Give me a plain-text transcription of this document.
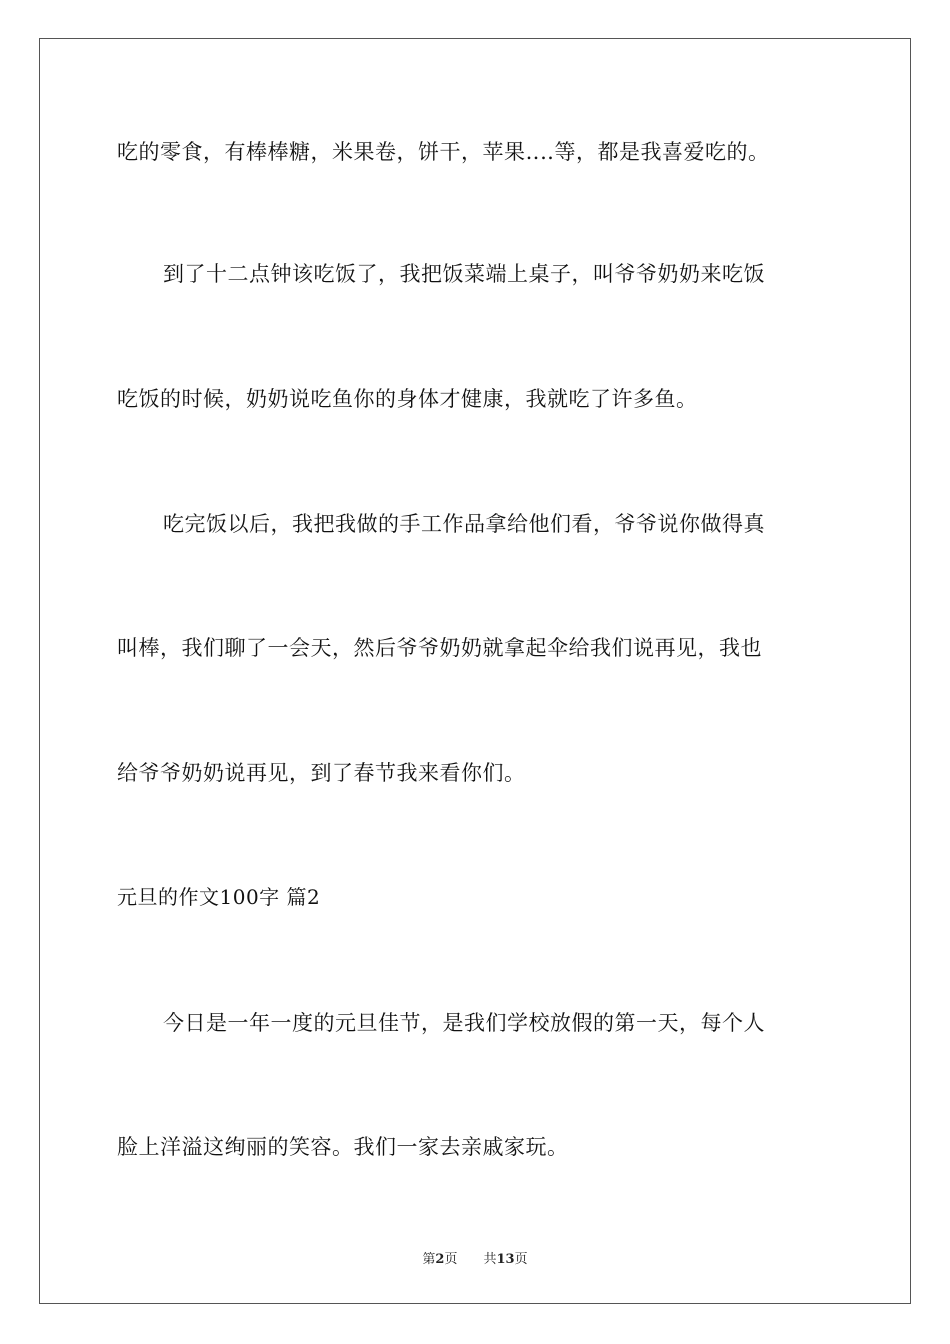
吃的零食，有棒棒糖，米果卷，饼干，苹果‥‥等，都是我喜爱吃的。
到了十二点钟该吃饭了，我把饭菜端上桌子，叫爷爷奶奶来吃饭
吃饭的时候，奶奶说吃鱼你的身体才健康，我就吃了许多鱼。
吃完饭以后，我把我做的手工作品拿给他们看，爷爷说你做得真
叫棒，我们聊了一会天，然后爷爷奶奶就拿起伞给我们说再见，我也
给爷爷奶奶说再见，到了春节我来看你们。
元旦的作文100字 篇2
今日是一年一度的元旦佳节，是我们学校放假的第一天，每个人
脸上洋溢这绚丽的笑容。我们一家去亲戚家玩。
第2页 共13页
